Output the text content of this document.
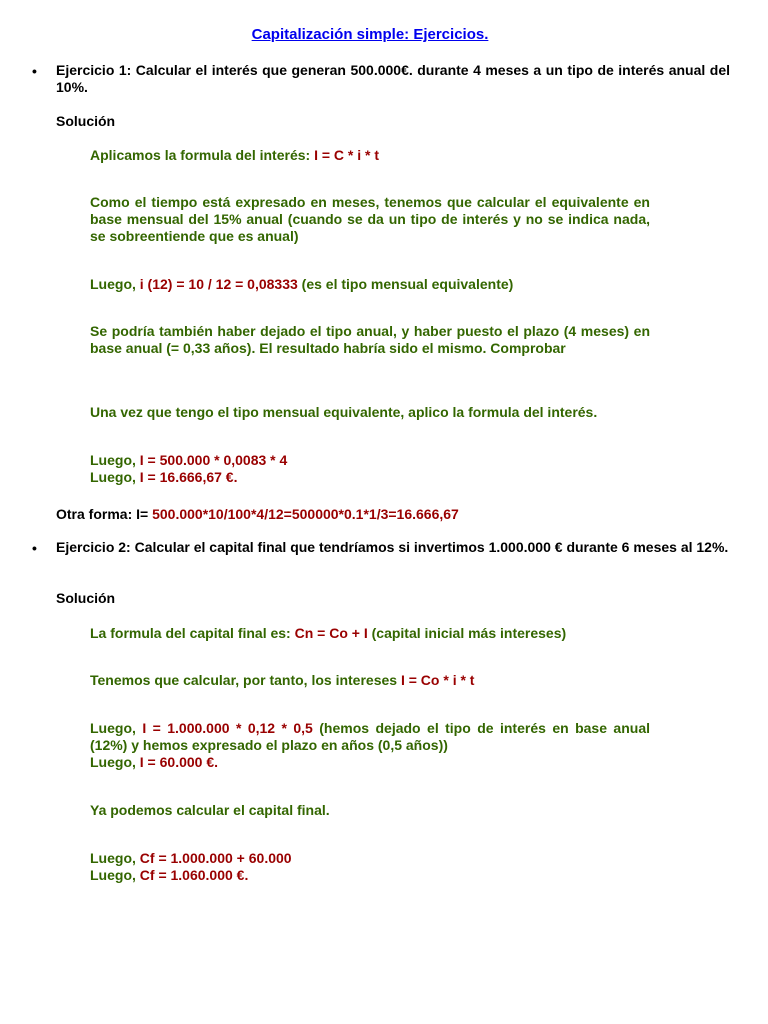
Capitalización simple: Ejercicios.
• Ejercicio 1: Calcular el interés que generan 500.000€. durante 4 meses a un tipo de interés anual del 10%.
Solución
Aplicamos la formula del interés: I = C * i * t
Como el tiempo está expresado en meses, tenemos que calcular el equivalente en base mensual del 15% anual (cuando se da un tipo de interés y no se indica nada, se sobreentiende que es anual)
Luego, i (12) = 10 / 12 = 0,08333 (es el tipo mensual equivalente)
Se podría también haber dejado el tipo anual, y haber puesto el plazo (4 meses) en base anual (= 0,33 años). El resultado habría sido el mismo. Comprobar
Una vez que tengo el tipo mensual equivalente, aplico la formula del interés.
Luego, I = 500.000 * 0,0083 * 4
Luego, I = 16.666,67 €.
Otra forma: I= 500.000*10/100*4/12=500000*0.1*1/3=16.666,67
• Ejercicio 2: Calcular el capital final que tendríamos si invertimos 1.000.000 € durante 6 meses al 12%.
Solución
La formula del capital final es: Cn = Co + I (capital inicial más intereses)
Tenemos que calcular, por tanto, los intereses I = Co * i * t
Luego, I = 1.000.000 * 0,12 * 0,5 (hemos dejado el tipo de interés en base anual (12%) y hemos expresado el plazo en años (0,5 años))
Luego, I = 60.000 €.
Ya podemos calcular el capital final.
Luego, Cf = 1.000.000 + 60.000
Luego, Cf = 1.060.000 €.
